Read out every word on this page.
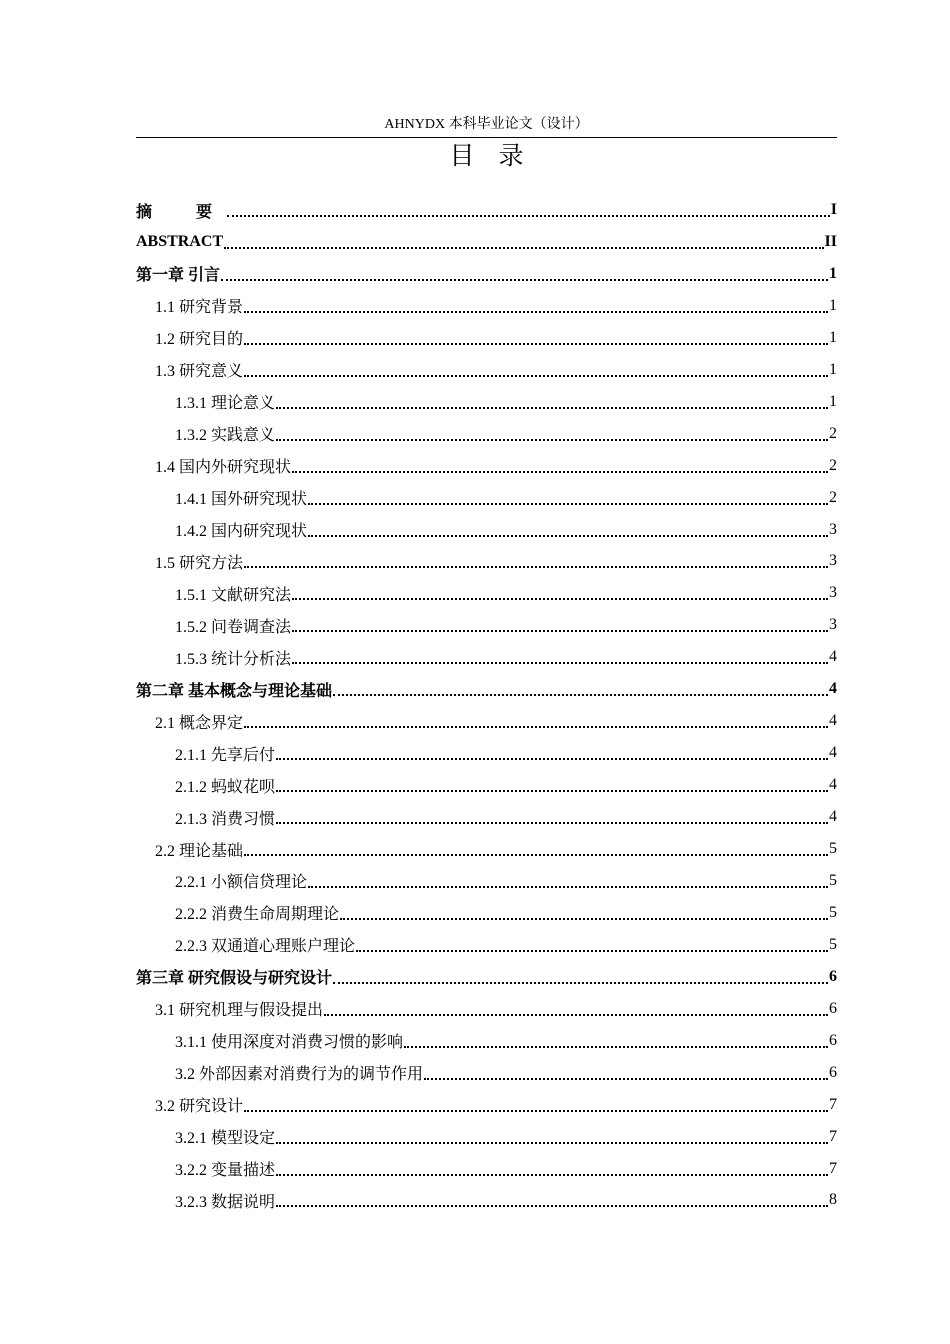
AHNYDX 本科毕业论文（设计）
目录
摘　要	I
ABSTRACT	II
第一章 引言	1
1.1 研究背景	1
1.2 研究目的	1
1.3 研究意义	1
1.3.1 理论意义	1
1.3.2 实践意义	2
1.4 国内外研究现状	2
1.4.1 国外研究现状	2
1.4.2 国内研究现状	3
1.5 研究方法	3
1.5.1 文献研究法	3
1.5.2 问卷调查法	3
1.5.3 统计分析法	4
第二章 基本概念与理论基础	4
2.1 概念界定	4
2.1.1 先享后付	4
2.1.2 蚂蚁花呗	4
2.1.3 消费习惯	4
2.2 理论基础	5
2.2.1 小额信贷理论	5
2.2.2 消费生命周期理论	5
2.2.3 双通道心理账户理论	5
第三章 研究假设与研究设计	6
3.1 研究机理与假设提出	6
3.1.1 使用深度对消费习惯的影响	6
3.2 外部因素对消费行为的调节作用	6
3.2 研究设计	7
3.2.1 模型设定	7
3.2.2 变量描述	7
3.2.3 数据说明	8
